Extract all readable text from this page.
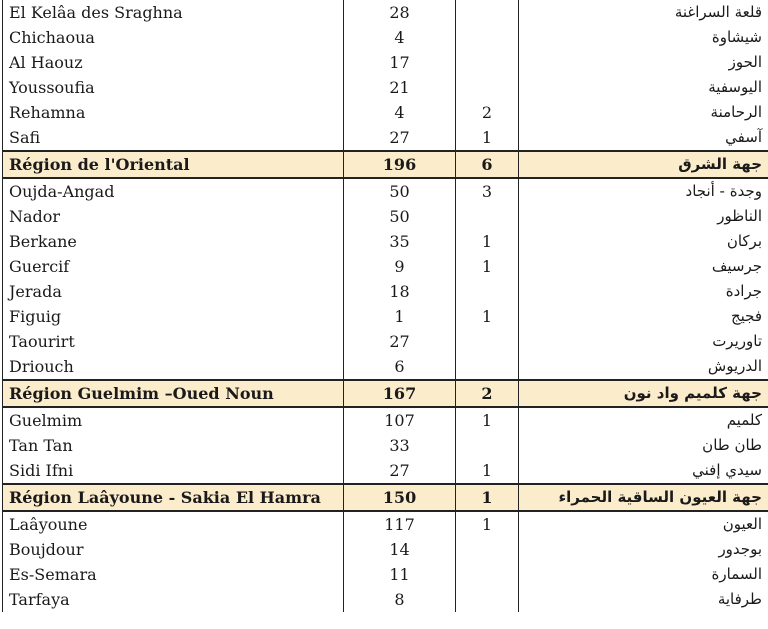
El Kelâa des Sraghna	28		قلعة السراغنة
Chichaoua	4		شيشاوة
Al Haouz	17		الحوز
Youssoufia	21		اليوسفية
Rehamna	4	2	الرحامنة
Safi	27	1	آسفي
Région de l'Oriental	196	6	جهة الشرق
Oujda-Angad	50	3	وجدة - أنجاد
Nador	50		الناظور
Berkane	35	1	بركان
Guercif	9	1	جرسيف
Jerada	18		جرادة
Figuig	1	1	فجيج
Taourirt	27		تاوريرت
Driouch	6		الدريوش
Région Guelmim –Oued Noun	167	2	جهة كلميم واد نون
Guelmim	107	1	كلميم
Tan Tan	33		طان طان
Sidi Ifni	27	1	سيدي إفني
Région Laâyoune - Sakia El Hamra	150	1	جهة العيون الساقية الحمراء
Laâyoune	117	1	العيون
Boujdour	14		بوجدور
Es-Semara	11		السمارة
Tarfaya	8		طرفاية
